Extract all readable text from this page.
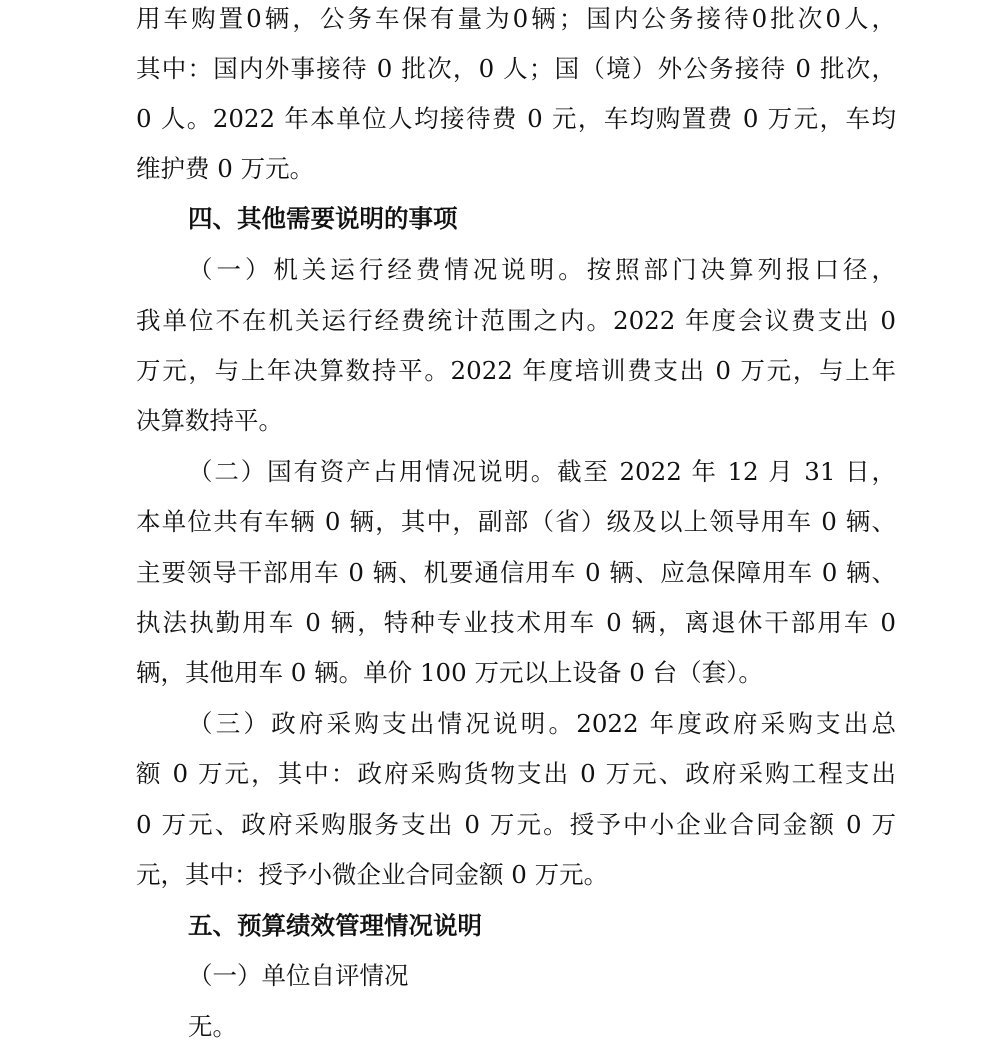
用车购置0辆，公务车保有量为0辆；国内公务接待0批次0人，
其中：国内外事接待 0 批次，0 人；国（境）外公务接待 0 批次，
0 人。2022 年本单位人均接待费 0 元，车均购置费 0 万元，车均
维护费 0 万元。
四、其他需要说明的事项
（一）机关运行经费情况说明。按照部门决算列报口径，
我单位不在机关运行经费统计范围之内。2022 年度会议费支出 0
万元，与上年决算数持平。2022 年度培训费支出 0 万元，与上年
决算数持平。
（二）国有资产占用情况说明。截至 2022 年 12 月 31 日，
本单位共有车辆 0 辆，其中，副部（省）级及以上领导用车 0 辆、
主要领导干部用车 0 辆、机要通信用车 0 辆、应急保障用车 0 辆、
执法执勤用车 0 辆，特种专业技术用车 0 辆，离退休干部用车 0
辆，其他用车 0 辆。单价 100 万元以上设备 0 台（套）。
（三）政府采购支出情况说明。2022 年度政府采购支出总
额 0 万元，其中：政府采购货物支出 0 万元、政府采购工程支出
0 万元、政府采购服务支出 0 万元。授予中小企业合同金额 0 万
元，其中：授予小微企业合同金额 0 万元。
五、预算绩效管理情况说明
（一）单位自评情况
无。
